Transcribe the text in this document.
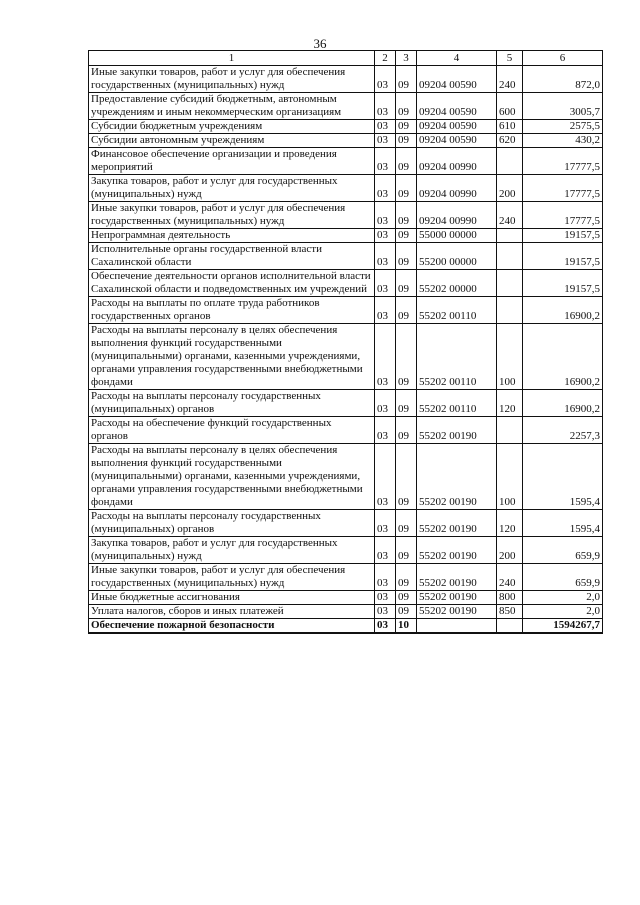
36
1	2	3	4	5	6
Иные закупки товаров, работ и услуг для обеспечения государственных (муниципальных) нужд	03	09	09204 00590	240	872,0
Предоставление субсидий бюджетным, автономным учреждениям и иным некоммерческим организациям	03	09	09204 00590	600	3005,7
Субсидии бюджетным учреждениям	03	09	09204 00590	610	2575,5
Субсидии автономным учреждениям	03	09	09204 00590	620	430,2
Финансовое обеспечение организации и проведения мероприятий	03	09	09204 00990		17777,5
Закупка товаров, работ и услуг для государственных (муниципальных) нужд	03	09	09204 00990	200	17777,5
Иные закупки товаров, работ и услуг для обеспечения государственных (муниципальных) нужд	03	09	09204 00990	240	17777,5
Непрограммная деятельность	03	09	55000 00000		19157,5
Исполнительные органы государственной власти Сахалинской области	03	09	55200 00000		19157,5
Обеспечение деятельности органов исполнительной власти Сахалинской области и подведомственных им учреждений	03	09	55202 00000		19157,5
Расходы на выплаты по оплате труда работников государственных органов	03	09	55202 00110		16900,2
Расходы на выплаты персоналу в целях обеспечения выполнения функций государственными (муниципальными) органами, казенными учреждениями, органами управления государственными внебюджетными фондами	03	09	55202 00110	100	16900,2
Расходы на выплаты персоналу государственных (муниципальных) органов	03	09	55202 00110	120	16900,2
Расходы на обеспечение функций государственных органов	03	09	55202 00190		2257,3
Расходы на выплаты персоналу в целях обеспечения выполнения функций государственными (муниципальными) органами, казенными учреждениями, органами управления государственными внебюджетными фондами	03	09	55202 00190	100	1595,4
Расходы на выплаты персоналу государственных (муниципальных) органов	03	09	55202 00190	120	1595,4
Закупка товаров, работ и услуг для государственных (муниципальных) нужд	03	09	55202 00190	200	659,9
Иные закупки товаров, работ и услуг для обеспечения государственных (муниципальных) нужд	03	09	55202 00190	240	659,9
Иные бюджетные ассигнования	03	09	55202 00190	800	2,0
Уплата налогов, сборов и иных платежей	03	09	55202 00190	850	2,0
Обеспечение пожарной безопасности	03	10			1594267,7
